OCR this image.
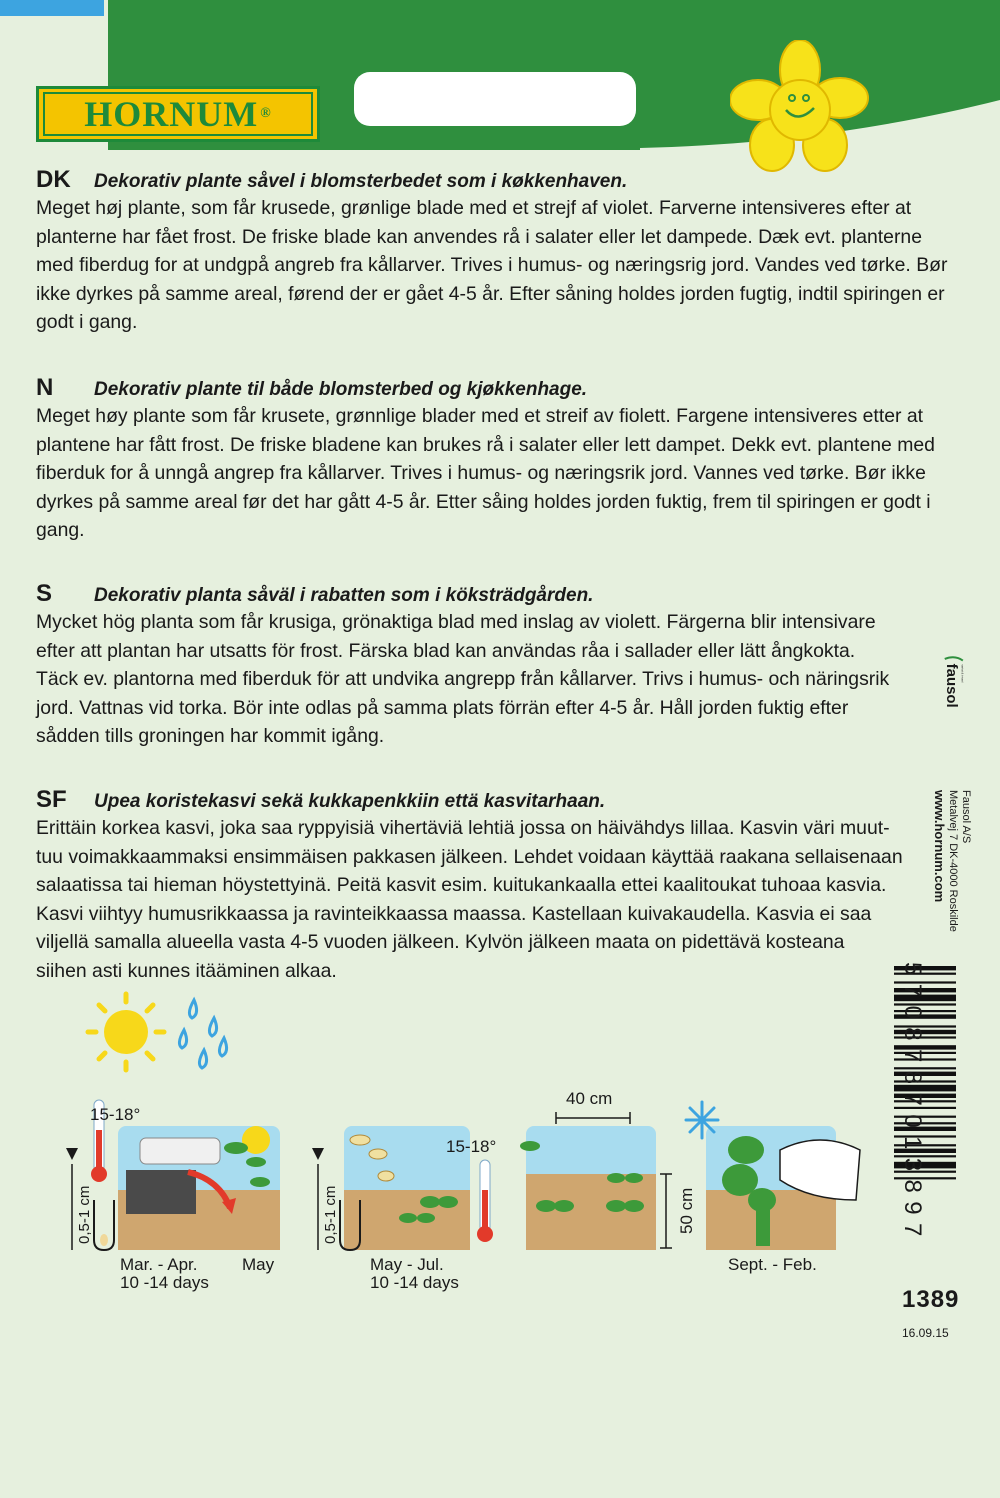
HORNUM ®
DK	Dekorativ plante såvel i blomsterbedet som i køkkenhaven.

Meget høj plante, som får krusede, grønlige blade med et strejf af violet. Farverne intensiveres efter at
planterne har fået frost. De friske blade kan anvendes rå i salater eller let dampede. Dæk evt. planterne
med fiberdug for at undgpå angreb fra kållarver. Trives i humus- og næringsrig jord. Vandes ved tørke. Bør
ikke dyrkes på samme areal, førend der er gået 4-5 år. Efter såning holdes jorden fugtig, indtil spiringen er
godt i gang.

N	Dekorativ plante til både blomsterbed og kjøkkenhage.

Meget høy plante som får krusete, grønnlige blader med et streif av fiolett. Fargene intensiveres etter at
plantene har fått frost. De friske bladene kan brukes rå i salater eller lett dampet. Dekk evt. plantene med
fiberduk for å unngå angrep fra kållarver. Trives i humus- og næringsrik jord. Vannes ved tørke. Bør ikke
dyrkes på samme areal før det har gått 4-5 år. Etter såing holdes jorden fuktig, frem til spiringen er godt i
gang.

S	Dekorativ planta såväl i rabatten som i köksträdgården.

Mycket hög planta som får krusiga, grönaktiga blad med inslag av violett. Färgerna blir intensivare
efter att plantan har utsatts för frost. Färska blad kan användas råa i sallader eller lätt ångkokta.
Täck ev. plantorna med fiberduk för att undvika angrepp från kållarver. Trivs i humus- och näringsrik
jord. Vattnas vid torka. Bör inte odlas på samma plats förrän efter 4-5 år. Håll jorden fuktig efter
sådden tills groningen har kommit igång.

SF	Upea koristekasvi sekä kukkapenkkiin että kasvitarhaan.

Erittäin korkea kasvi, joka saa ryppyisiä vihertäviä lehtiä jossa on häivähdys lillaa. Kasvin väri muut-
tuu voimakkaammaksi ensimmäisen pakkasen jälkeen. Lehdet voidaan käyttää raakana sellaisenaan
salaatissa tai hieman höystettyinä. Peitä kasvit esim. kuitukankaalla ettei kaalitoukat tuhoaa kasvia.
Kasvi viihtyy humusrikkaassa ja ravinteikkaassa maassa. Kastellaan kuivakaudella. Kasvia ei saa
viljellä samalla alueella vasta 4-5 vuoden jälkeen. Kylvön jälkeen maata on pidettävä kosteana
siihen asti kunnes itääminen alkaa.

fausol vækst & trivsel
Fausol A/S
Metalvej 7 DK-4000 Roskilde
www.hornum.com
5708787013897
1389
16.09.15
15-18°
15-18°
0,5-1 cm	0,5-1 cm
40 cm
50 cm
Mar. - Apr.
10 -14 days
May	May - Jul.
10 -14 days
Sept. - Feb.
